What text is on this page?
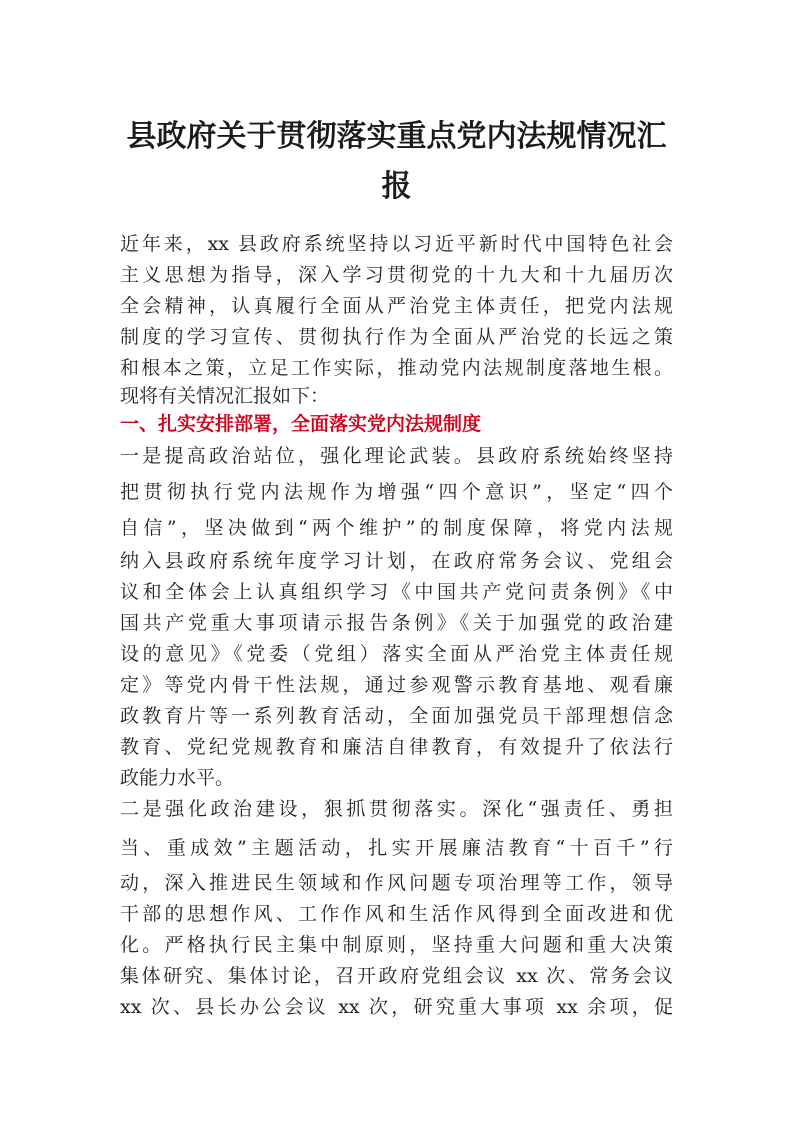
县政府关于贯彻落实重点党内法规情况汇
报

近年来，xx 县政府系统坚持以习近平新时代中国特色社会

主义思想为指导，深入学习贯彻党的十九大和十九届历次

全会精神，认真履行全面从严治党主体责任，把党内法规

制度的学习宣传、贯彻执行作为全面从严治党的长远之策

和根本之策，立足工作实际，推动党内法规制度落地生根。

现将有关情况汇报如下：

一、扎实安排部署，全面落实党内法规制度

一是提高政治站位，强化理论武装。县政府系统始终坚持

把贯彻执行党内法规作为增强“四个意识”，坚定“四个

自信”，坚决做到“两个维护”的制度保障，将党内法规

纳入县政府系统年度学习计划，在政府常务会议、党组会

议和全体会上认真组织学习《中国共产党问责条例》《中

国共产党重大事项请示报告条例》《关于加强党的政治建

设的意见》《党委（党组）落实全面从严治党主体责任规

定》等党内骨干性法规，通过参观警示教育基地、观看廉

政教育片等一系列教育活动，全面加强党员干部理想信念

教育、党纪党规教育和廉洁自律教育，有效提升了依法行

政能力水平。

二是强化政治建设，狠抓贯彻落实。深化“强责任、勇担

当、重成效”主题活动，扎实开展廉洁教育“十百千”行

动，深入推进民生领域和作风问题专项治理等工作，领导

干部的思想作风、工作作风和生活作风得到全面改进和优

化。严格执行民主集中制原则，坚持重大问题和重大决策

集体研究、集体讨论，召开政府党组会议 xx 次、常务会议

xx 次、县长办公会议 xx 次，研究重大事项 xx 余项，促
